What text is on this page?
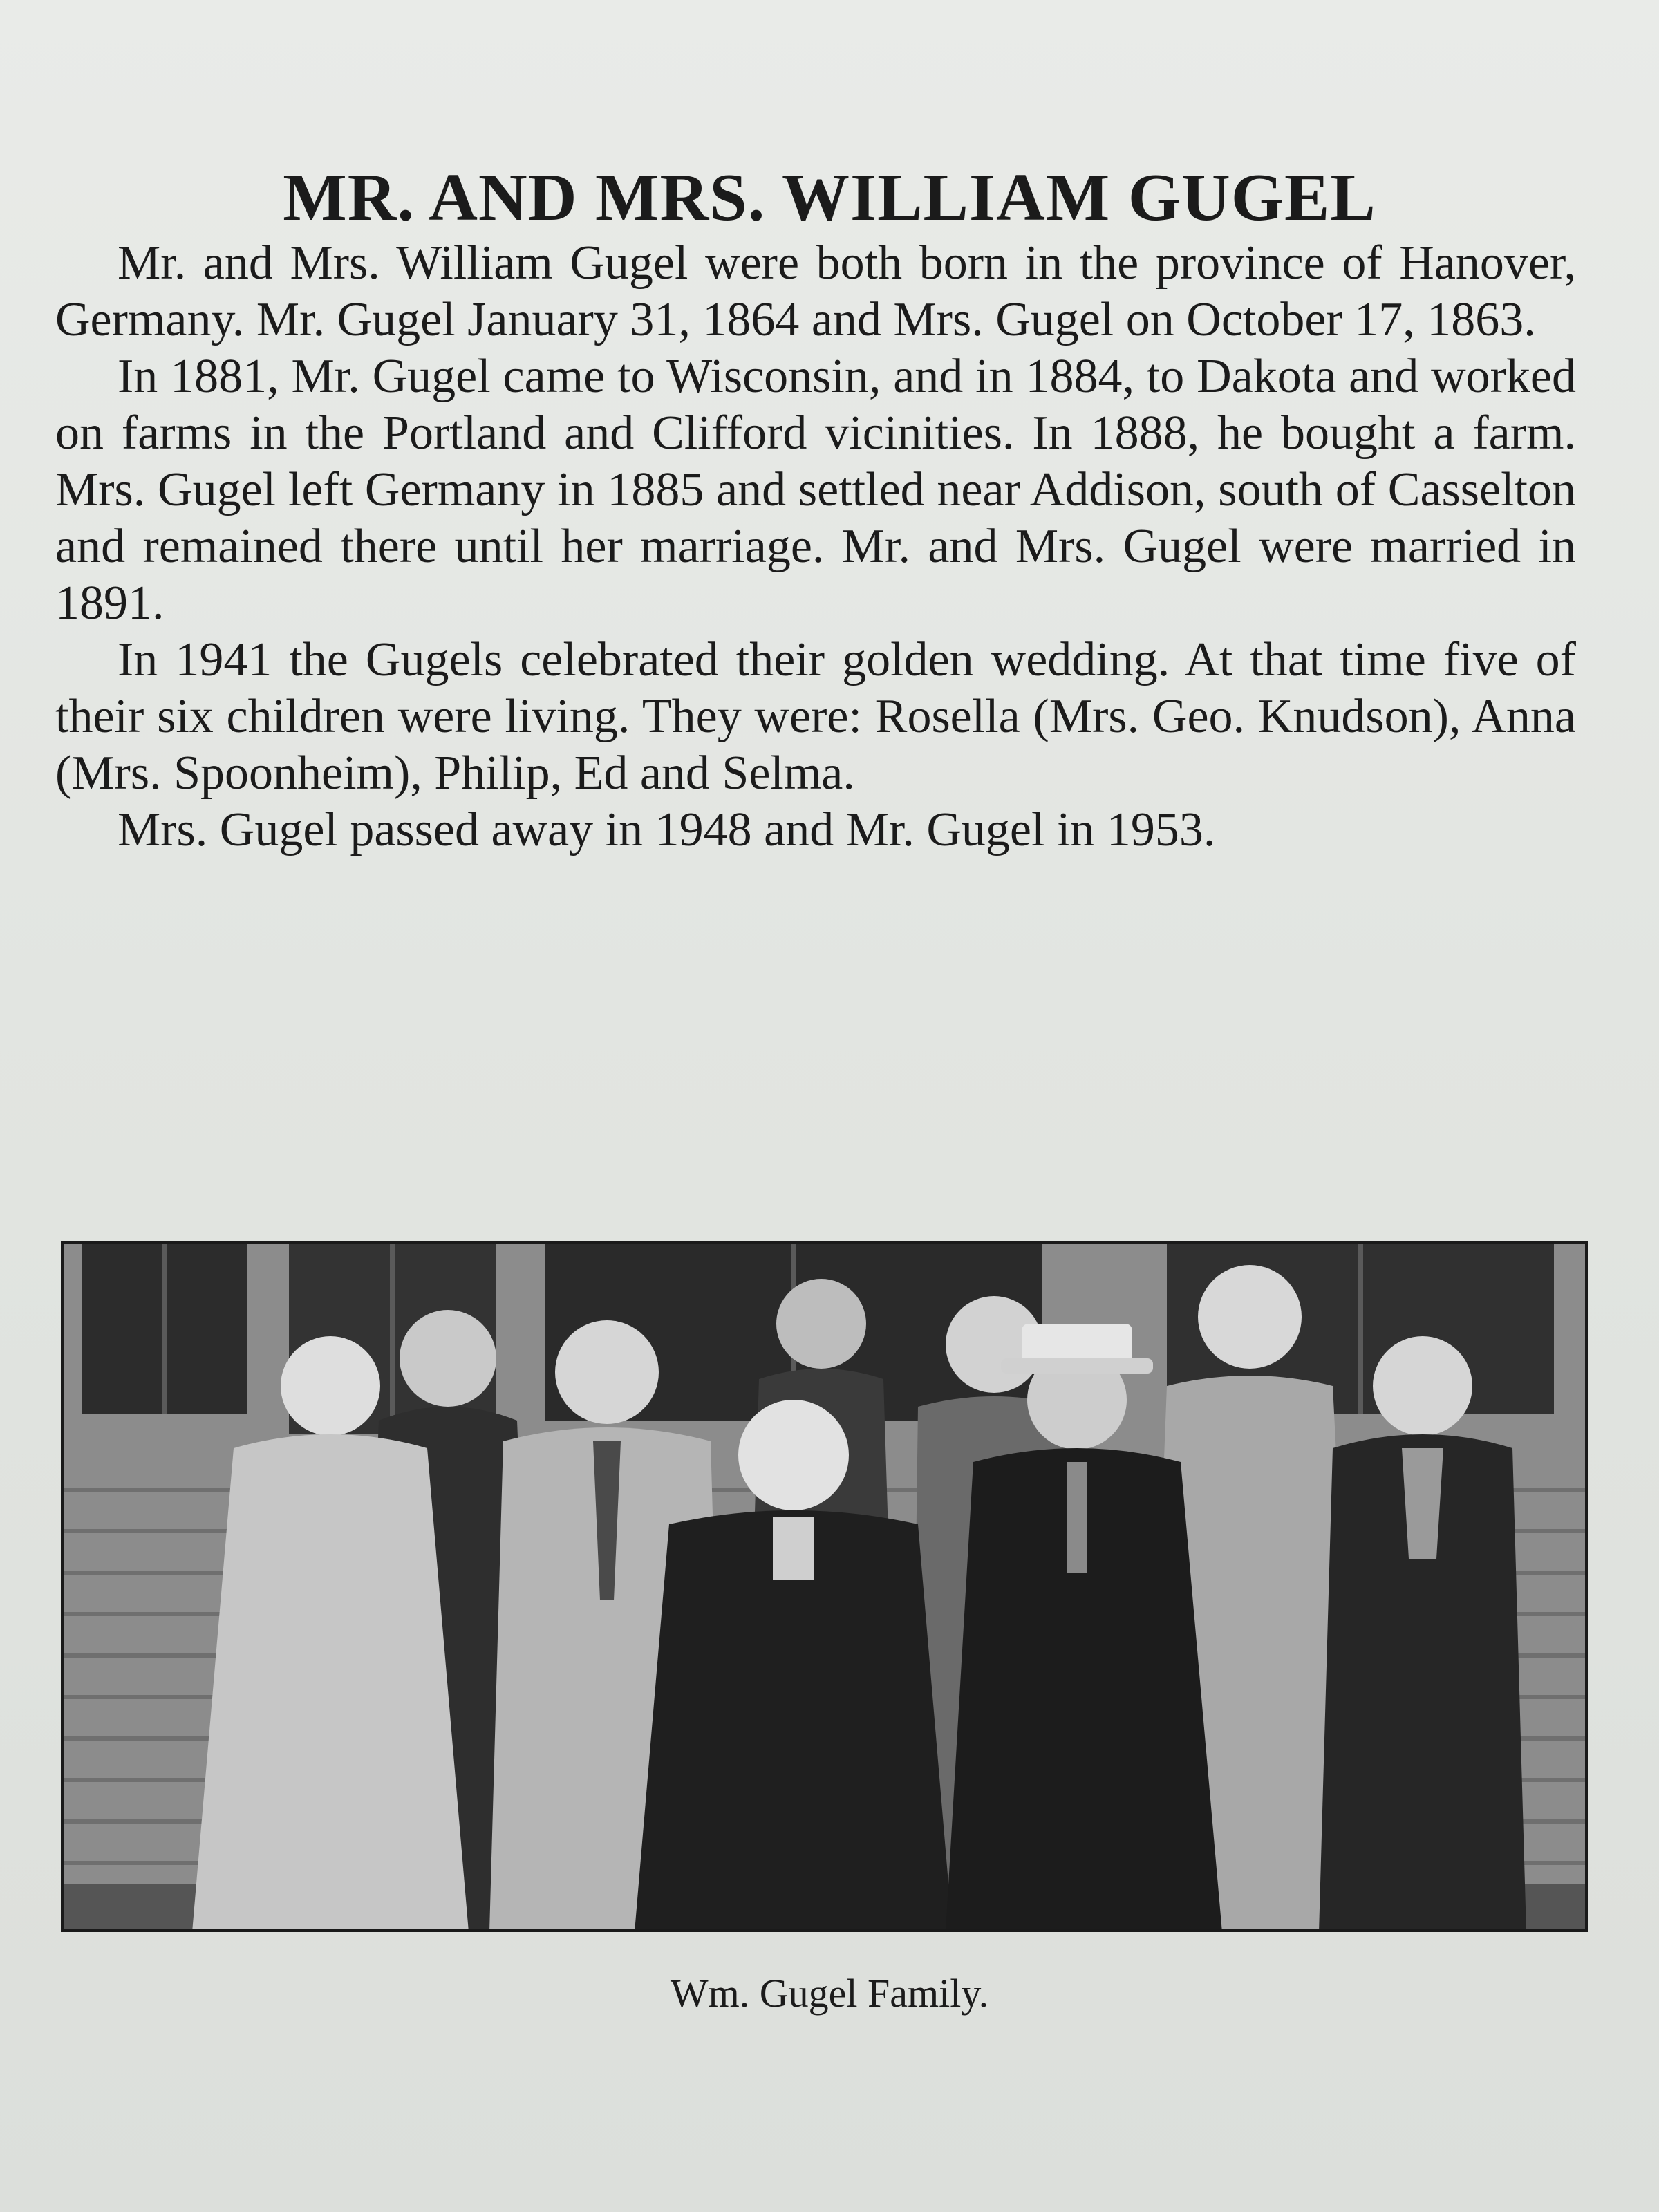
MR. AND MRS. WILLIAM GUGEL

Mr. and Mrs. William Gugel were both born in the province of Hanover, Germany. Mr. Gugel January 31, 1864 and Mrs. Gugel on October 17, 1863.

In 1881, Mr. Gugel came to Wisconsin, and in 1884, to Dakota and worked on farms in the Portland and Clifford vicinities. In 1888, he bought a farm. Mrs. Gugel left Germany in 1885 and settled near Addison, south of Casselton and remained there until her marriage. Mr. and Mrs. Gugel were married in 1891.

In 1941 the Gugels celebrated their golden wedding. At that time five of their six children were living. They were: Rosella (Mrs. Geo. Knudson), Anna (Mrs. Spoonheim), Philip, Ed and Selma.

Mrs. Gugel passed away in 1948 and Mr. Gugel in 1953.

Wm. Gugel Family.
